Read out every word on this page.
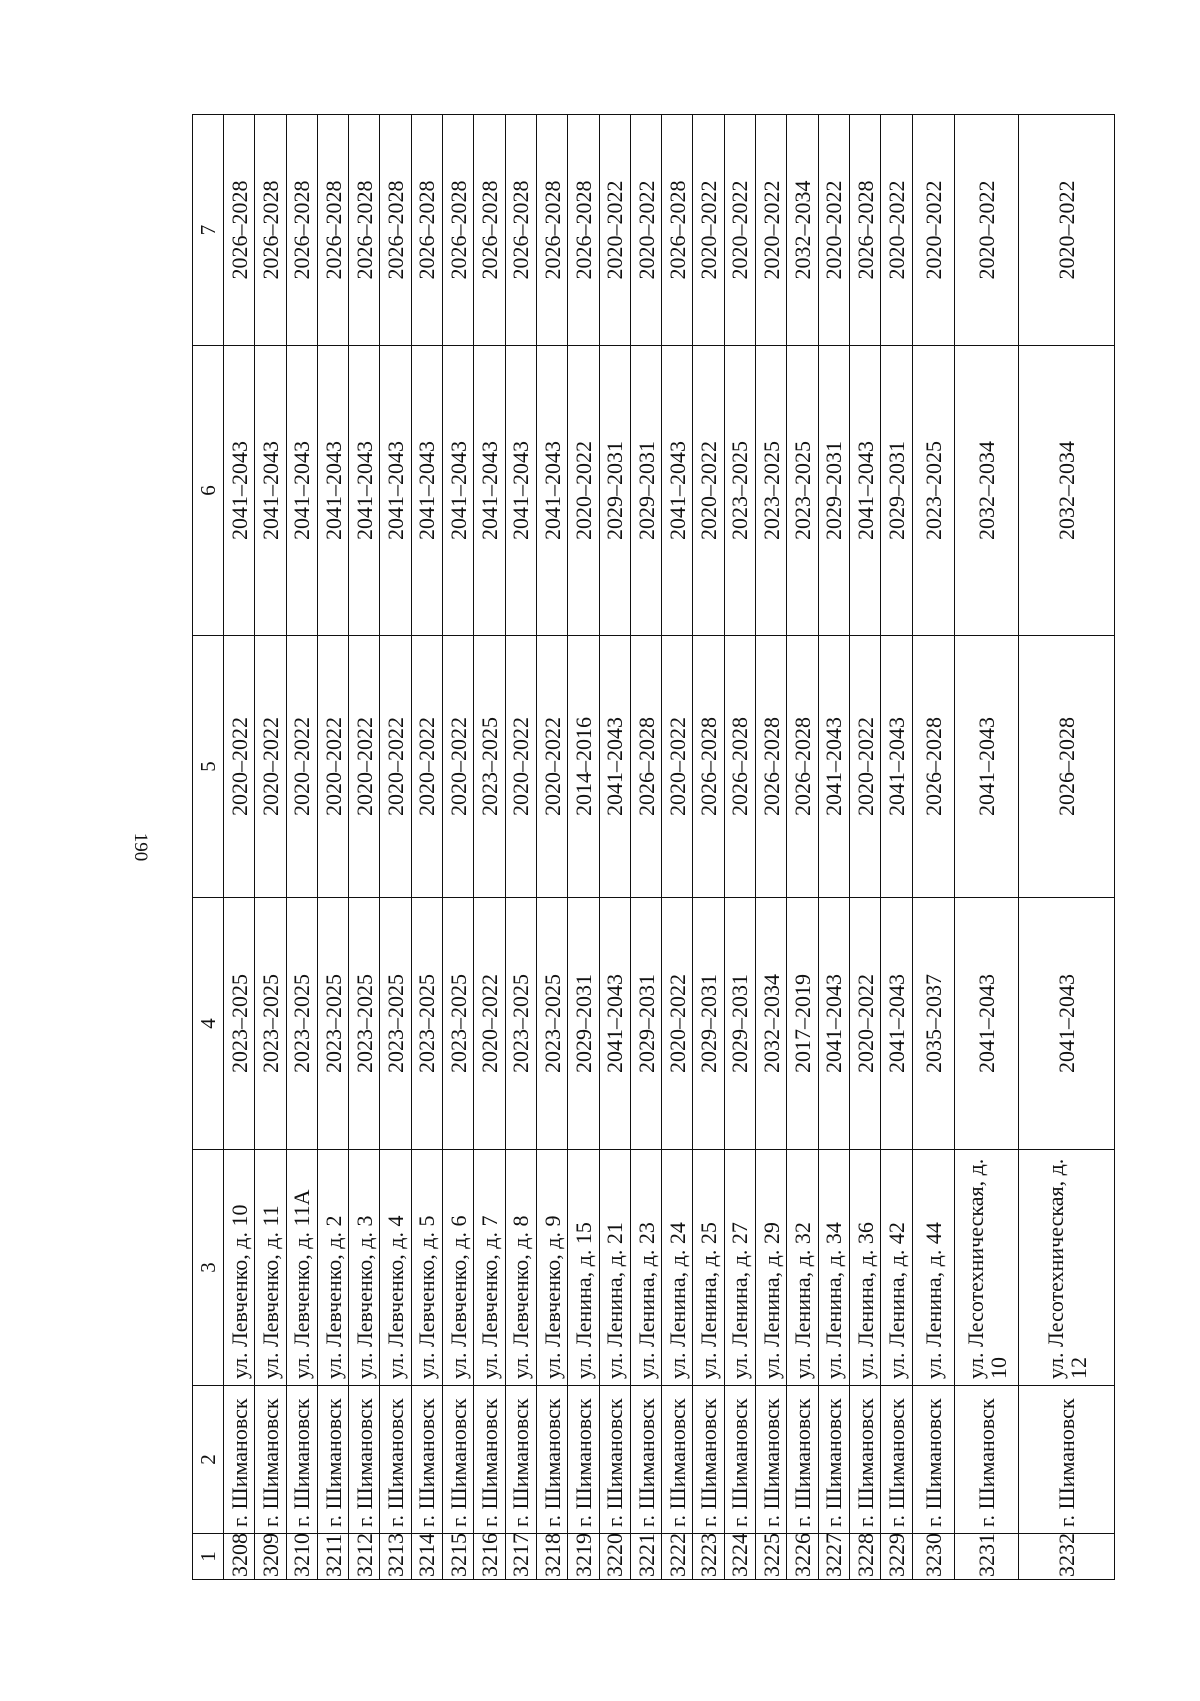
190
1	2	3	4	5	6	7
3208	г. Шимановск	ул. Левченко, д. 10	2023–2025	2020–2022	2041–2043	2026–2028
3209	г. Шимановск	ул. Левченко, д. 11	2023–2025	2020–2022	2041–2043	2026–2028
3210	г. Шимановск	ул. Левченко, д. 11А	2023–2025	2020–2022	2041–2043	2026–2028
3211	г. Шимановск	ул. Левченко, д. 2	2023–2025	2020–2022	2041–2043	2026–2028
3212	г. Шимановск	ул. Левченко, д. 3	2023–2025	2020–2022	2041–2043	2026–2028
3213	г. Шимановск	ул. Левченко, д. 4	2023–2025	2020–2022	2041–2043	2026–2028
3214	г. Шимановск	ул. Левченко, д. 5	2023–2025	2020–2022	2041–2043	2026–2028
3215	г. Шимановск	ул. Левченко, д. 6	2023–2025	2020–2022	2041–2043	2026–2028
3216	г. Шимановск	ул. Левченко, д. 7	2020–2022	2023–2025	2041–2043	2026–2028
3217	г. Шимановск	ул. Левченко, д. 8	2023–2025	2020–2022	2041–2043	2026–2028
3218	г. Шимановск	ул. Левченко, д. 9	2023–2025	2020–2022	2041–2043	2026–2028
3219	г. Шимановск	ул. Ленина, д. 15	2029–2031	2014–2016	2020–2022	2026–2028
3220	г. Шимановск	ул. Ленина, д. 21	2041–2043	2041–2043	2029–2031	2020–2022
3221	г. Шимановск	ул. Ленина, д. 23	2029–2031	2026–2028	2029–2031	2020–2022
3222	г. Шимановск	ул. Ленина, д. 24	2020–2022	2020–2022	2041–2043	2026–2028
3223	г. Шимановск	ул. Ленина, д. 25	2029–2031	2026–2028	2020–2022	2020–2022
3224	г. Шимановск	ул. Ленина, д. 27	2029–2031	2026–2028	2023–2025	2020–2022
3225	г. Шимановск	ул. Ленина, д. 29	2032–2034	2026–2028	2023–2025	2020–2022
3226	г. Шимановск	ул. Ленина, д. 32	2017–2019	2026–2028	2023–2025	2032–2034
3227	г. Шимановск	ул. Ленина, д. 34	2041–2043	2041–2043	2029–2031	2020–2022
3228	г. Шимановск	ул. Ленина, д. 36	2020–2022	2020–2022	2041–2043	2026–2028
3229	г. Шимановск	ул. Ленина, д. 42	2041–2043	2041–2043	2029–2031	2020–2022
3230	г. Шимановск	ул. Ленина, д. 44	2035–2037	2026–2028	2023–2025	2020–2022
3231	г. Шимановск	ул. Лесотехническая, д. 10	2041–2043	2041–2043	2032–2034	2020–2022
3232	г. Шимановск	ул. Лесотехническая, д. 12	2041–2043	2026–2028	2032–2034	2020–2022
